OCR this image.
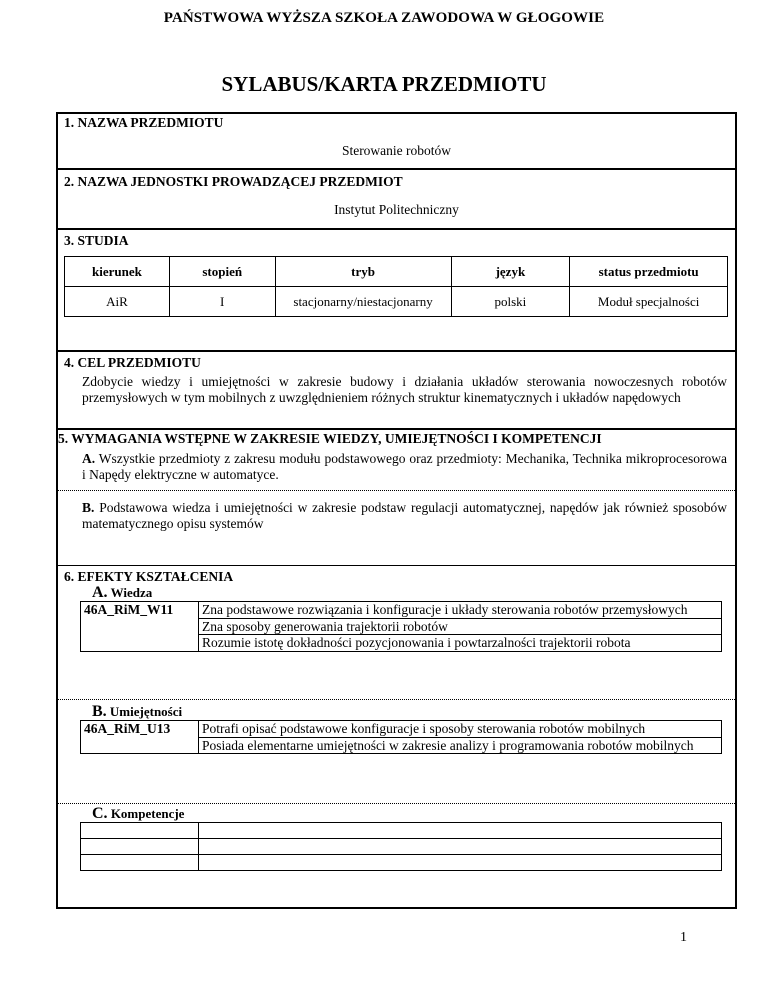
PAŃSTWOWA WYŻSZA SZKOŁA ZAWODOWA W GŁOGOWIE
SYLABUS/KARTA PRZEDMIOTU
1. NAZWA PRZEDMIOTU
Sterowanie robotów
2. NAZWA JEDNOSTKI PROWADZĄCEJ PRZEDMIOT
Instytut Politechniczny
3. STUDIA
kierunek	stopień	tryb	język	status przedmiotu
AiR	I	stacjonarny/niestacjonarny	polski	Moduł specjalności
4. CEL PRZEDMIOTU
Zdobycie wiedzy i umiejętności w zakresie budowy i działania układów sterowania nowoczesnych robotów przemysłowych w tym mobilnych z uwzględnieniem różnych struktur kinematycznych i układów napędowych
5. WYMAGANIA WSTĘPNE W ZAKRESIE WIEDZY, UMIEJĘTNOŚCI I KOMPETENCJI
A. Wszystkie przedmioty z zakresu modułu podstawowego oraz przedmioty: Mechanika, Technika mikroprocesorowa i Napędy elektryczne w automatyce.
B. Podstawowa wiedza i umiejętności w zakresie podstaw regulacji automatycznej, napędów jak również sposobów matematycznego opisu systemów
6. EFEKTY KSZTAŁCENIA
A. Wiedza
46A_RiM_W11	Zna podstawowe rozwiązania i konfiguracje i układy sterowania robotów przemysłowych
Zna sposoby generowania trajektorii robotów
Rozumie istotę dokładności pozycjonowania i powtarzalności trajektorii robota
B. Umiejętności
46A_RiM_U13	Potrafi opisać podstawowe konfiguracje i sposoby sterowania robotów mobilnych
Posiada elementarne umiejętności w zakresie analizy i programowania robotów mobilnych
C. Kompetencje

1
